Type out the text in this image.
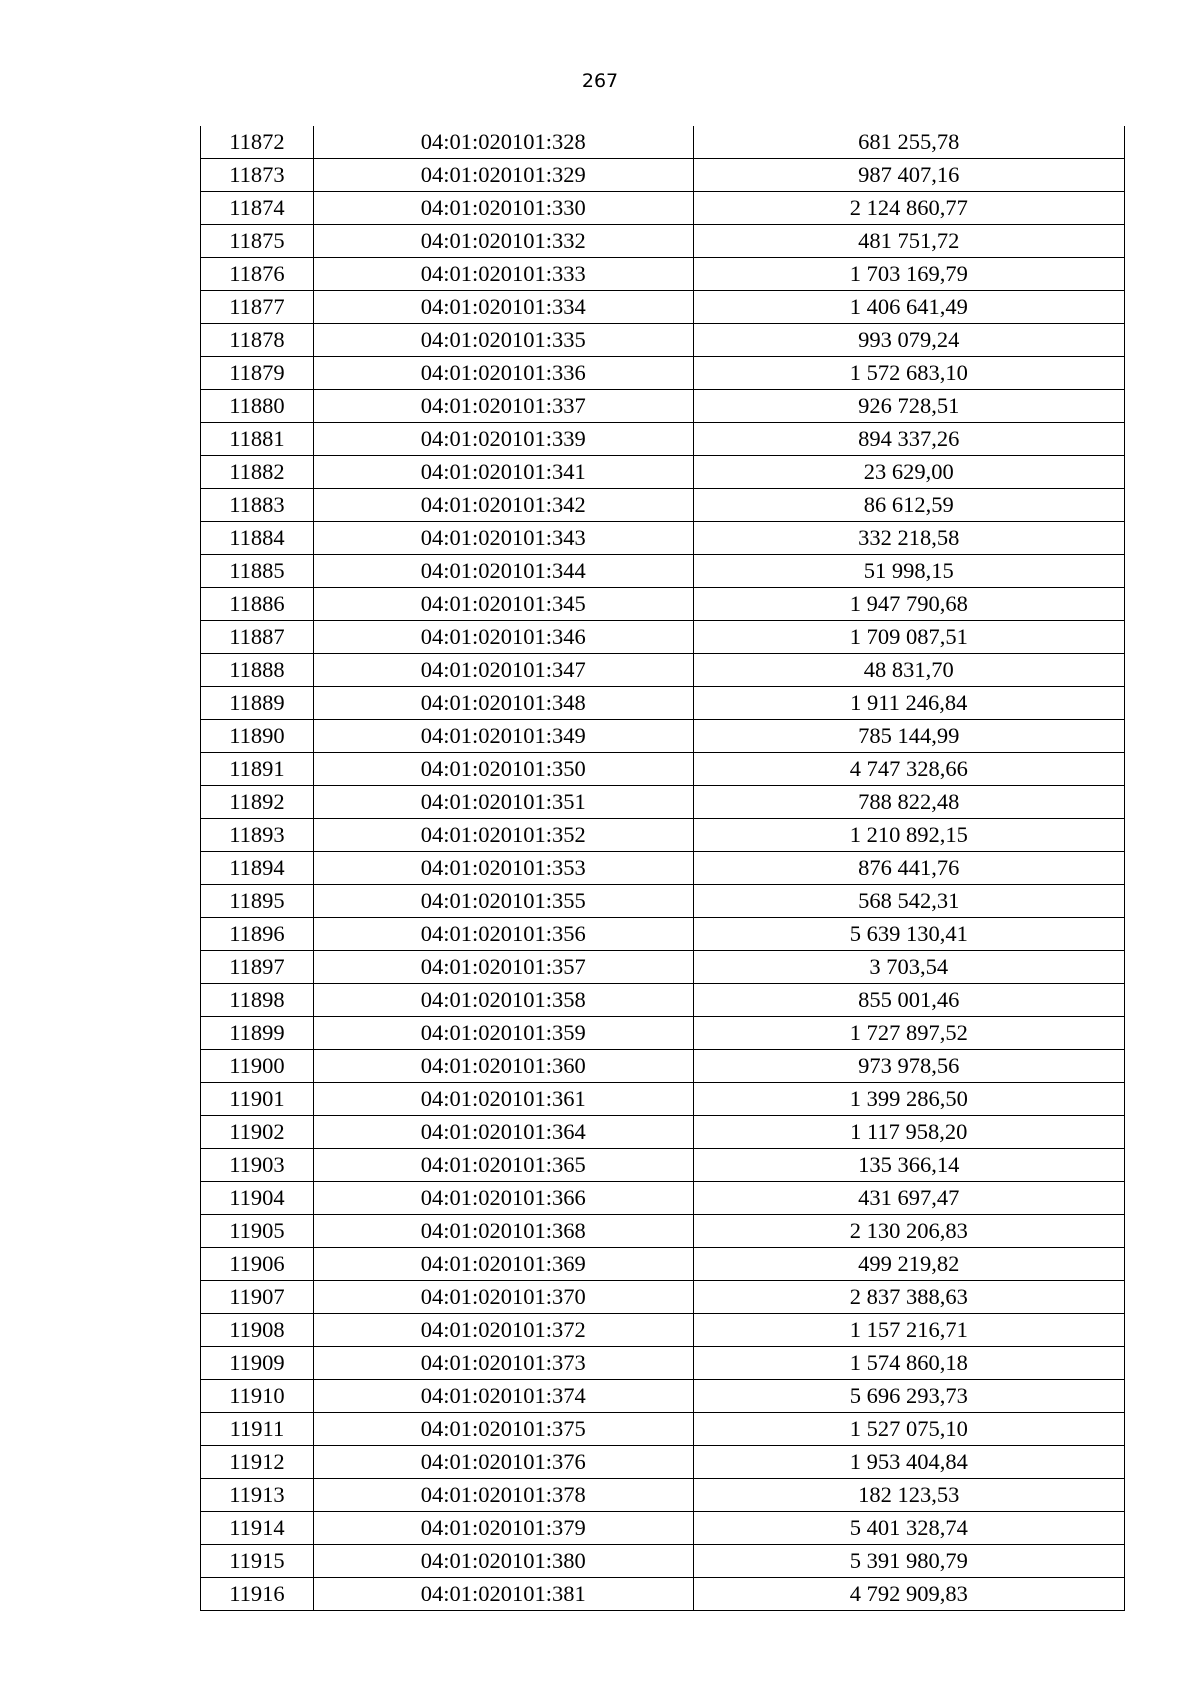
267
11872	04:01:020101:328	681 255,78
11873	04:01:020101:329	987 407,16
11874	04:01:020101:330	2 124 860,77
11875	04:01:020101:332	481 751,72
11876	04:01:020101:333	1 703 169,79
11877	04:01:020101:334	1 406 641,49
11878	04:01:020101:335	993 079,24
11879	04:01:020101:336	1 572 683,10
11880	04:01:020101:337	926 728,51
11881	04:01:020101:339	894 337,26
11882	04:01:020101:341	23 629,00
11883	04:01:020101:342	86 612,59
11884	04:01:020101:343	332 218,58
11885	04:01:020101:344	51 998,15
11886	04:01:020101:345	1 947 790,68
11887	04:01:020101:346	1 709 087,51
11888	04:01:020101:347	48 831,70
11889	04:01:020101:348	1 911 246,84
11890	04:01:020101:349	785 144,99
11891	04:01:020101:350	4 747 328,66
11892	04:01:020101:351	788 822,48
11893	04:01:020101:352	1 210 892,15
11894	04:01:020101:353	876 441,76
11895	04:01:020101:355	568 542,31
11896	04:01:020101:356	5 639 130,41
11897	04:01:020101:357	3 703,54
11898	04:01:020101:358	855 001,46
11899	04:01:020101:359	1 727 897,52
11900	04:01:020101:360	973 978,56
11901	04:01:020101:361	1 399 286,50
11902	04:01:020101:364	1 117 958,20
11903	04:01:020101:365	135 366,14
11904	04:01:020101:366	431 697,47
11905	04:01:020101:368	2 130 206,83
11906	04:01:020101:369	499 219,82
11907	04:01:020101:370	2 837 388,63
11908	04:01:020101:372	1 157 216,71
11909	04:01:020101:373	1 574 860,18
11910	04:01:020101:374	5 696 293,73
11911	04:01:020101:375	1 527 075,10
11912	04:01:020101:376	1 953 404,84
11913	04:01:020101:378	182 123,53
11914	04:01:020101:379	5 401 328,74
11915	04:01:020101:380	5 391 980,79
11916	04:01:020101:381	4 792 909,83
